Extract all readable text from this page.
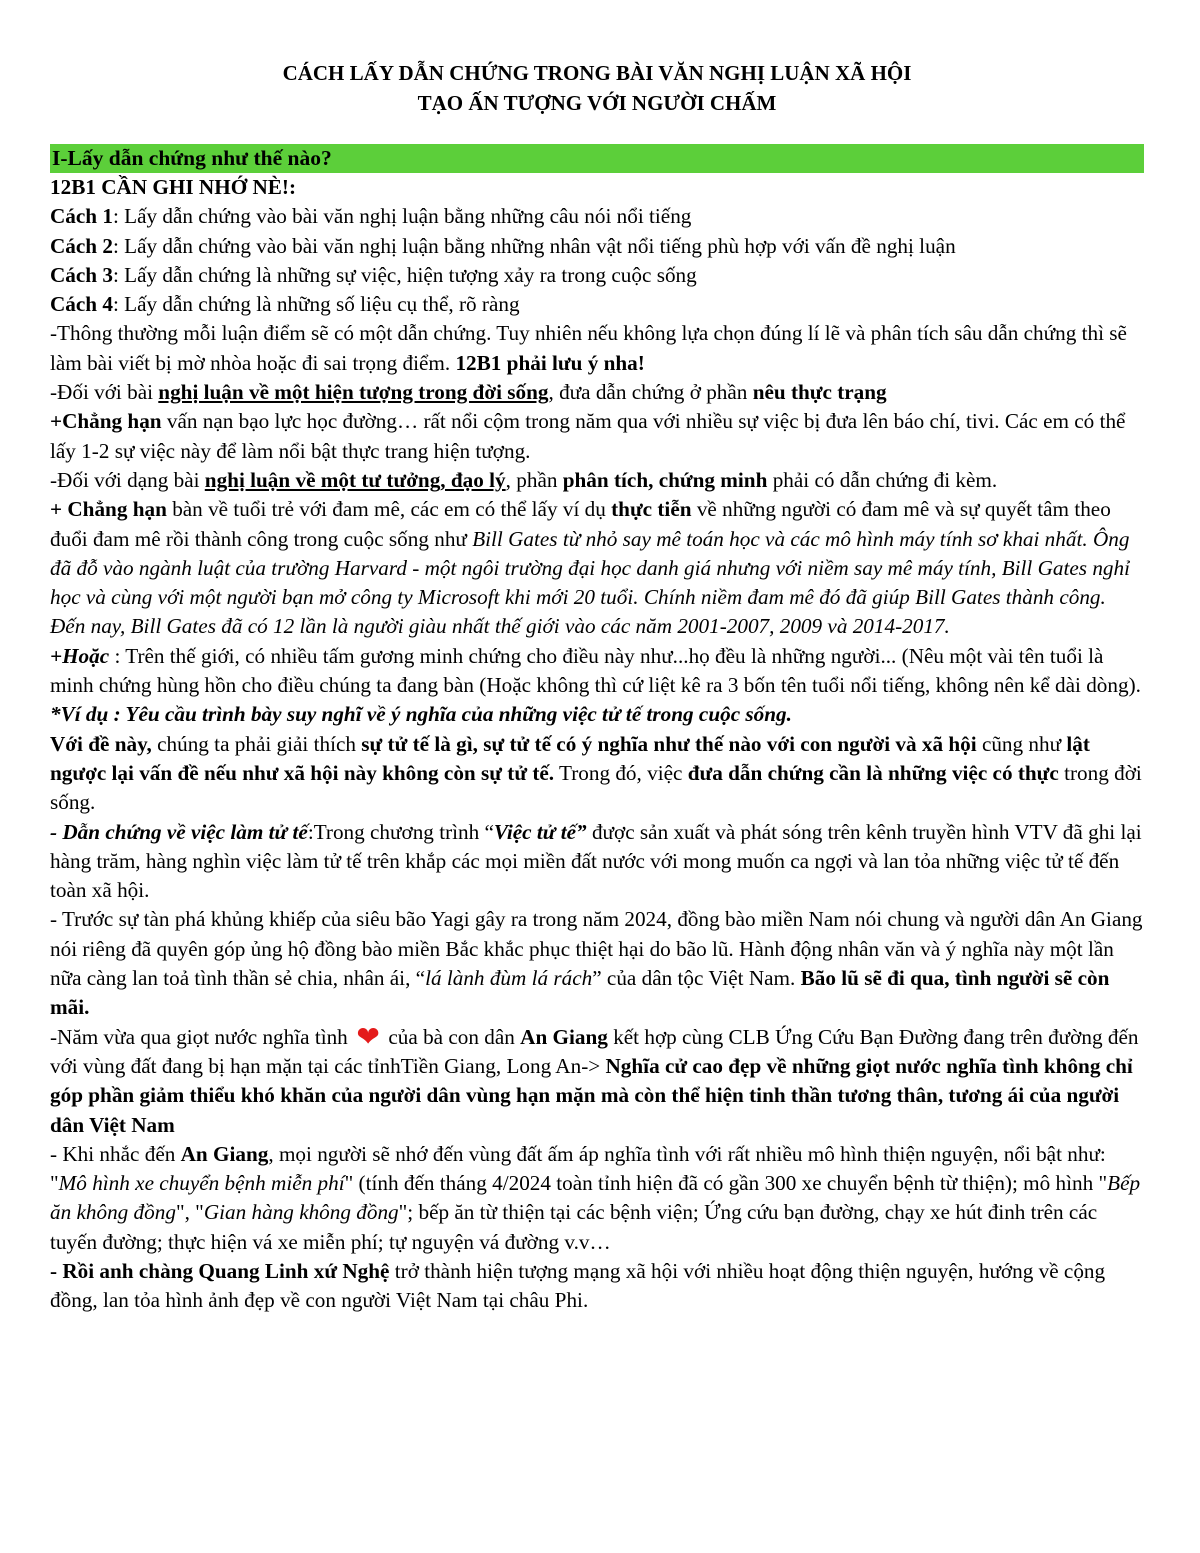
CÁCH LẤY DẪN CHỨNG TRONG BÀI VĂN NGHỊ LUẬN XÃ HỘI
TẠO ẤN TƯỢNG VỚI NGƯỜI CHẤM

I-Lấy dẫn chứng như thế nào?

12B1 CẦN GHI NHỚ NÈ!:

Cách 1: Lấy dẫn chứng vào bài văn nghị luận bằng những câu nói nổi tiếng

Cách 2: Lấy dẫn chứng vào bài văn nghị luận bằng những nhân vật nổi tiếng phù hợp với vấn đề nghị luận

Cách 3: Lấy dẫn chứng là những sự việc, hiện tượng xảy ra trong cuộc sống

Cách 4: Lấy dẫn chứng là những số liệu cụ thể, rõ ràng

-Thông thường mỗi luận điểm sẽ có một dẫn chứng. Tuy nhiên nếu không lựa chọn đúng lí lẽ và phân tích sâu dẫn chứng thì sẽ làm bài viết bị mờ nhòa hoặc đi sai trọng điểm. 12B1 phải lưu ý nha!

-Đối với bài nghị luận về một hiện tượng trong đời sống, đưa dẫn chứng ở phần nêu thực trạng

+Chẳng hạn vấn nạn bạo lực học đường… rất nổi cộm trong năm qua với nhiều sự việc bị đưa lên báo chí, tivi. Các em có thể lấy 1-2 sự việc này để làm nổi bật thực trang hiện tượng.

-Đối với dạng bài nghị luận về một tư tưởng, đạo lý, phần phân tích, chứng minh phải có dẫn chứng đi kèm.

+ Chẳng hạn bàn về tuổi trẻ với đam mê, các em có thể lấy ví dụ thực tiễn về những người có đam mê và sự quyết tâm theo đuổi đam mê rồi thành công trong cuộc sống như Bill Gates từ nhỏ say mê toán học và các mô hình máy tính sơ khai nhất. Ông đã đỗ vào ngành luật của trường Harvard - một ngôi trường đại học danh giá nhưng với niềm say mê máy tính, Bill Gates nghỉ học và cùng với một người bạn mở công ty Microsoft khi mới 20 tuổi. Chính niềm đam mê đó đã giúp Bill Gates thành công. Đến nay, Bill Gates đã có 12 lần là người giàu nhất thế giới vào các năm 2001-2007, 2009 và 2014-2017.

+Hoặc : Trên thế giới, có nhiều tấm gương minh chứng cho điều này như...họ đều là những người... (Nêu một vài tên tuổi là minh chứng hùng hồn cho điều chúng ta đang bàn (Hoặc không thì cứ liệt kê ra 3 bốn tên tuổi nổi tiếng, không nên kể dài dòng).

*Ví dụ : Yêu cầu trình bày suy nghĩ về ý nghĩa của những việc tử tế trong cuộc sống.

Với đề này, chúng ta phải giải thích sự tử tế là gì, sự tử tế có ý nghĩa như thế nào với con người và xã hội cũng như lật ngược lại vấn đề nếu như xã hội này không còn sự tử tế. Trong đó, việc đưa dẫn chứng cần là những việc có thực trong đời sống.

- Dẫn chứng về việc làm tử tế:Trong chương trình “Việc tử tế” được sản xuất và phát sóng trên kênh truyền hình VTV đã ghi lại hàng trăm, hàng nghìn việc làm tử tế trên khắp các mọi miền đất nước với mong muốn ca ngợi và lan tỏa những việc tử tế đến toàn xã hội.

- Trước sự tàn phá khủng khiếp của siêu bão Yagi gây ra trong năm 2024, đồng bào miền Nam nói chung và người dân An Giang nói riêng đã quyên góp ủng hộ đồng bào miền Bắc khắc phục thiệt hại do bão lũ. Hành động nhân văn và ý nghĩa này một lần nữa càng lan toả tình thần sẻ chia, nhân ái, “lá lành đùm lá rách” của dân tộc Việt Nam. Bão lũ sẽ đi qua, tình người sẽ còn mãi.

-Năm vừa qua giọt nước nghĩa tình ❤ của bà con dân An Giang kết hợp cùng CLB Ứng Cứu Bạn Đường đang trên đường đến với vùng đất đang bị hạn mặn tại các tỉnhTiền Giang, Long An-> Nghĩa cử cao đẹp về những giọt nước nghĩa tình không chỉ góp phần giảm thiểu khó khăn của người dân vùng hạn mặn mà còn thể hiện tinh thần tương thân, tương ái của người dân Việt Nam

- Khi nhắc đến An Giang, mọi người sẽ nhớ đến vùng đất ấm áp nghĩa tình với rất nhiều mô hình thiện nguyện, nổi bật như: "Mô hình xe chuyển bệnh miễn phí" (tính đến tháng 4/2024 toàn tỉnh hiện đã có gần 300 xe chuyển bệnh từ thiện); mô hình "Bếp ăn không đồng", "Gian hàng không đồng"; bếp ăn từ thiện tại các bệnh viện; Ứng cứu bạn đường, chạy xe hút đinh trên các tuyến đường; thực hiện vá xe miễn phí; tự nguyện vá đường v.v…

- Rồi anh chàng Quang Linh xứ Nghệ trở thành hiện tượng mạng xã hội với nhiều hoạt động thiện nguyện, hướng về cộng đồng, lan tỏa hình ảnh đẹp về con người Việt Nam tại châu Phi.
